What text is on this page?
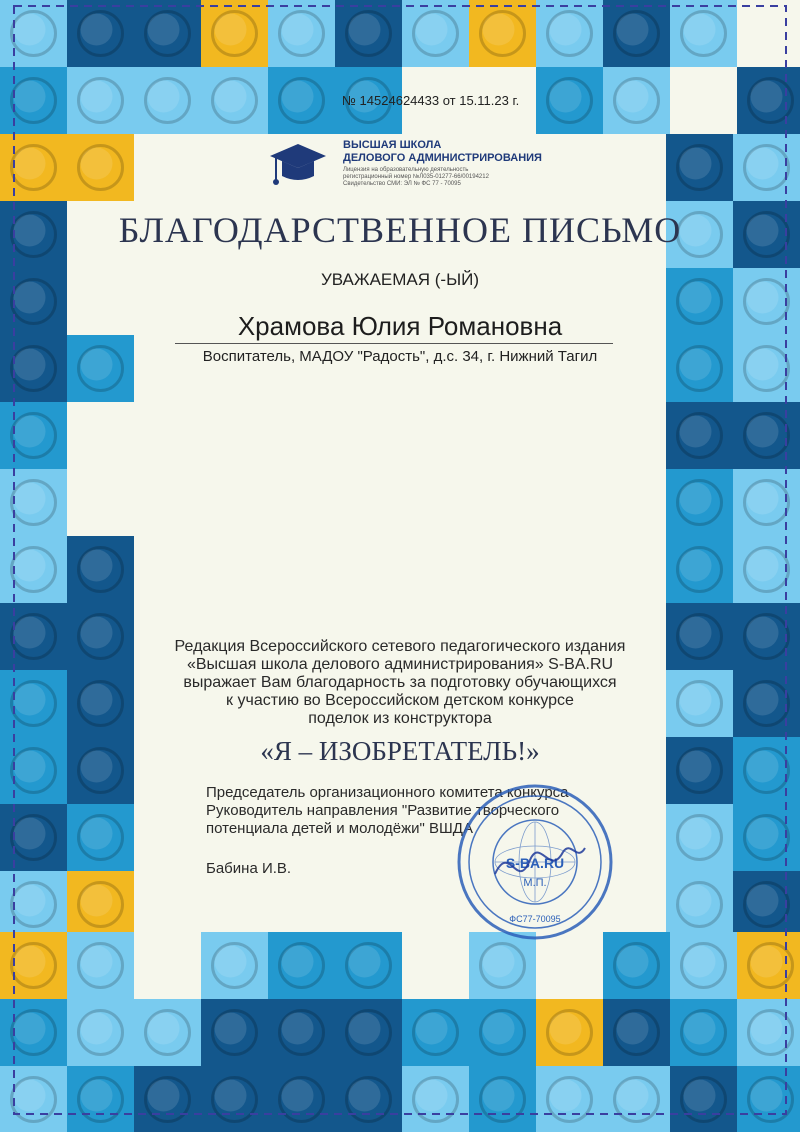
№ 14524624433 от 15.11.23 г.

ВЫСШАЯ ШКОЛА

ДЕЛОВОГО АДМИНИСТРИРОВАНИЯ

Лицензия на образовательную деятельность

регистрационный номер №Л035-01277-66/00194212

Свидетельство СМИ: ЭЛ № ФС 77 - 70095

БЛАГОДАРСТВЕННОЕ ПИСЬМО

УВАЖАЕМАЯ (-ЫЙ)

Храмова Юлия Романовна

Воспитатель, МАДОУ "Радость", д.с. 34, г. Нижний Тагил

Редакция Всероссийского сетевого педагогического издания

«Высшая школа делового администрирования» S-BA.RU

выражает Вам благодарность за подготовку обучающихся

к участию во Всероссийском детском конкурсе

поделок из конструктора

«Я – ИЗОБРЕТАТЕЛЬ!»

Председатель организационного комитета конкурса

Руководитель направления "Развитие творческого

потенциала детей и молодёжи" ВШДА

Бабина И.В.	S-BA.RU
М.П.
ФС77-70095
